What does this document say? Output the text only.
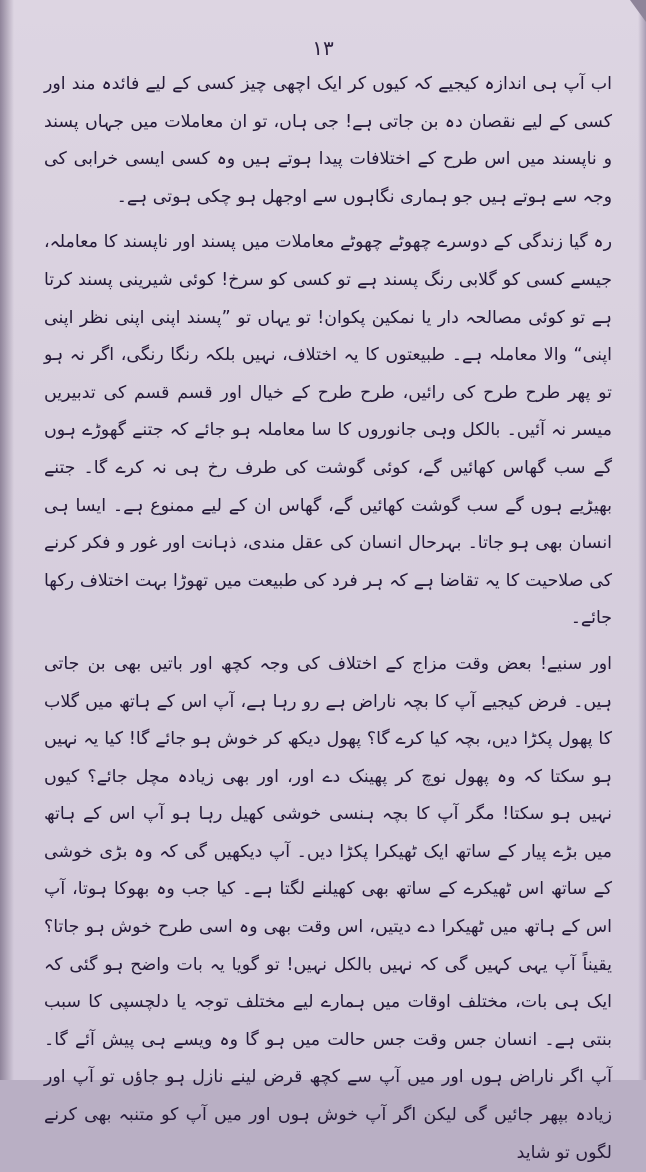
١٣

اب آپ ہی اندازہ کیجیے کہ کیوں کر ایک اچھی چیز کسی کے لیے فائدہ مند اور کسی کے لیے نقصان دہ بن جاتی ہے! جی ہاں، تو ان معاملات میں جہاں پسند و ناپسند میں اس طرح کے اختلافات پیدا ہوتے ہیں وہ کسی ایسی خرابی کی وجہ سے ہوتے ہیں جو ہماری نگاہوں سے اوجھل ہو چکی ہوتی ہے۔

رہ گیا زندگی کے دوسرے چھوٹے چھوٹے معاملات میں پسند اور ناپسند کا معاملہ، جیسے کسی کو گلابی رنگ پسند ہے تو کسی کو سرخ! کوئی شیرینی پسند کرتا ہے تو کوئی مصالحہ دار یا نمکین پکوان! تو یہاں تو ”پسند اپنی اپنی نظر اپنی اپنی“ والا معاملہ ہے۔ طبیعتوں کا یہ اختلاف، نہیں بلکہ رنگا رنگی، اگر نہ ہو تو پھر طرح طرح کی رائیں، طرح طرح کے خیال اور قسم قسم کی تدبیریں میسر نہ آئیں۔ بالکل وہی جانوروں کا سا معاملہ ہو جائے کہ جتنے گھوڑے ہوں گے سب گھاس کھائیں گے، کوئی گوشت کی طرف رخ ہی نہ کرے گا۔ جتنے بھیڑیے ہوں گے سب گوشت کھائیں گے، گھاس ان کے لیے ممنوع ہے۔ ایسا ہی انسان بھی ہو جاتا۔ بہرحال انسان کی عقل مندی، ذہانت اور غور و فکر کرنے کی صلاحیت کا یہ تقاضا ہے کہ ہر فرد کی طبیعت میں تھوڑا بہت اختلاف رکھا جائے۔

اور سنیے! بعض وقت مزاج کے اختلاف کی وجہ کچھ اور باتیں بھی بن جاتی ہیں۔ فرض کیجیے آپ کا بچہ ناراض ہے رو رہا ہے، آپ اس کے ہاتھ میں گلاب کا پھول پکڑا دیں، بچہ کیا کرے گا؟ پھول دیکھ کر خوش ہو جائے گا! کیا یہ نہیں ہو سکتا کہ وہ پھول نوچ کر پھینک دے اور، اور بھی زیادہ مچل جائے؟ کیوں نہیں ہو سکتا! مگر آپ کا بچہ ہنسی خوشی کھیل رہا ہو آپ اس کے ہاتھ میں بڑے پیار کے ساتھ ایک ٹھیکرا پکڑا دیں۔ آپ دیکھیں گی کہ وہ بڑی خوشی کے ساتھ اس ٹھیکرے کے ساتھ بھی کھیلنے لگتا ہے۔ کیا جب وہ بھوکا ہوتا، آپ اس کے ہاتھ میں ٹھیکرا دے دیتیں، اس وقت بھی وہ اسی طرح خوش ہو جاتا؟ یقیناً آپ یہی کہیں گی کہ نہیں بالکل نہیں! تو گویا یہ بات واضح ہو گئی کہ ایک ہی بات، مختلف اوقات میں ہمارے لیے مختلف توجہ یا دلچسپی کا سبب بنتی ہے۔ انسان جس وقت جس حالت میں ہو گا وہ ویسے ہی پیش آئے گا۔ آپ اگر ناراض ہوں اور میں آپ سے کچھ قرض لینے نازل ہو جاؤں تو آپ اور زیادہ بپھر جائیں گی لیکن اگر آپ خوش ہوں اور میں آپ کو متنبہ بھی کرنے لگوں تو شاید
